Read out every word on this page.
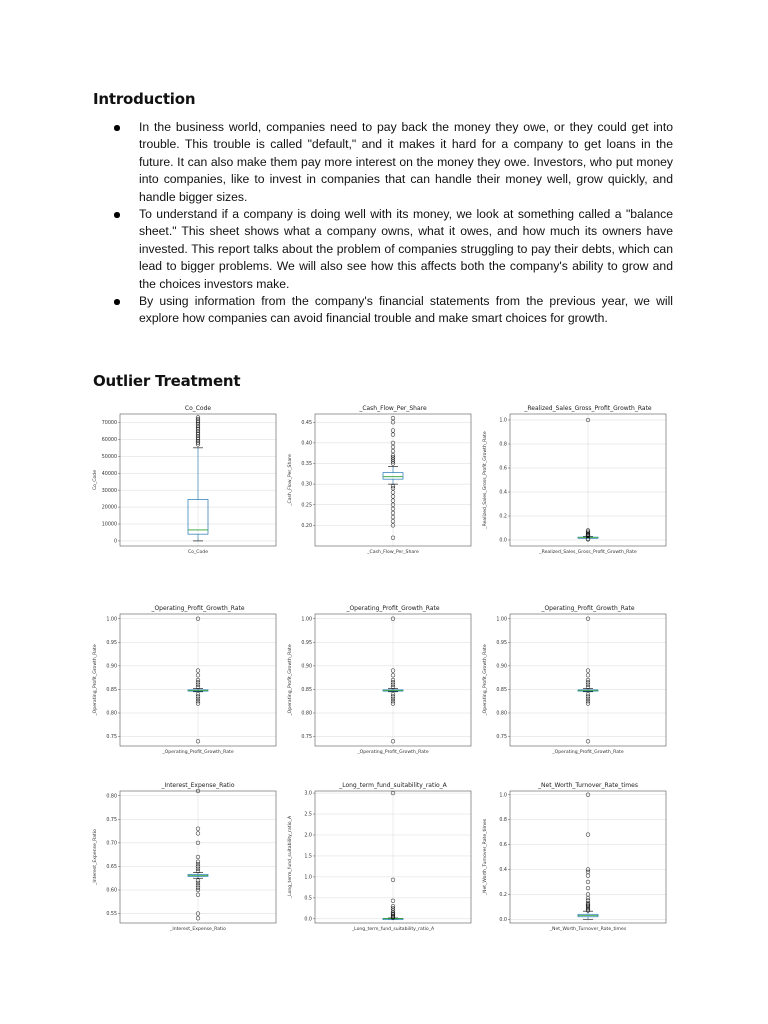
Introduction
In the business world, companies need to pay back the money they owe, or they could get into trouble. This trouble is called "default," and it makes it hard for a company to get loans in the future. It can also make them pay more interest on the money they owe. Investors, who put money into companies, like to invest in companies that can handle their money well, grow quickly, and handle bigger sizes.
To understand if a company is doing well with its money, we look at something called a "balance sheet." This sheet shows what a company owns, what it owes, and how much its owners have invested. This report talks about the problem of companies struggling to pay their debts, which can lead to bigger problems. We will also see how this affects both the company's ability to grow and the choices investors make.
By using information from the company's financial statements from the previous year, we will explore how companies can avoid financial trouble and make smart choices for growth.
Outlier Treatment
Co_Code
0
10000
20000
30000
40000
50000
60000
70000
Co_Code
Co_Code
_Cash_Flow_Per_Share
0.20
0.25
0.30
0.35
0.40
0.45
_Cash_Flow_Per_Share
_Cash_Flow_Per_Share
_Realized_Sales_Gross_Profit_Growth_Rate
0.0
0.2
0.4
0.6
0.8
1.0
_Realized_Sales_Gross_Profit_Growth_Rate
_Realized_Sales_Gross_Profit_Growth_Rate
_Operating_Profit_Growth_Rate
0.75
0.80
0.85
0.90
0.95
1.00
_Operating_Profit_Growth_Rate
_Operating_Profit_Growth_Rate
_Operating_Profit_Growth_Rate
0.75
0.80
0.85
0.90
0.95
1.00
_Operating_Profit_Growth_Rate
_Operating_Profit_Growth_Rate
_Operating_Profit_Growth_Rate
0.75
0.80
0.85
0.90
0.95
1.00
_Operating_Profit_Growth_Rate
_Operating_Profit_Growth_Rate
_Interest_Expense_Ratio
0.55
0.60
0.65
0.70
0.75
0.80
_Interest_Expense_Ratio
_Interest_Expense_Ratio
_Long_term_fund_suitability_ratio_A
0.0
0.5
1.0
1.5
2.0
2.5
3.0
_Long_term_fund_suitability_ratio_A
_Long_term_fund_suitability_ratio_A
_Net_Worth_Turnover_Rate_times
0.0
0.2
0.4
0.6
0.8
1.0
_Net_Worth_Turnover_Rate_times
_Net_Worth_Turnover_Rate_times
